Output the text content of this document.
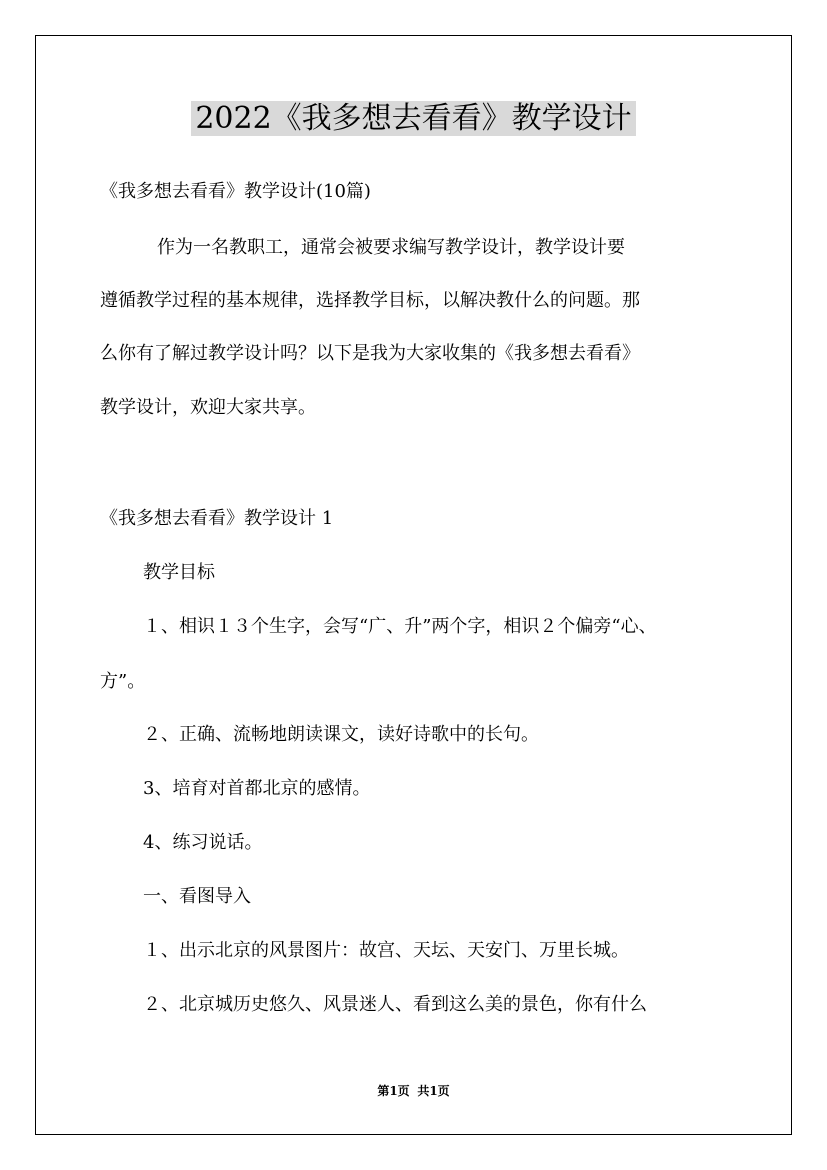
2022《我多想去看看》教学设计

《我多想去看看》教学设计(10篇)

作为一名教职工，通常会被要求编写教学设计，教学设计要

遵循教学过程的基本规律，选择教学目标，以解决教什么的问题。那

么你有了解过教学设计吗？以下是我为大家收集的《我多想去看看》

教学设计，欢迎大家共享。

《我多想去看看》教学设计 1

教学目标

１、相识１３个生字，会写“广、升”两个字，相识２个偏旁“心、

方”。

２、正确、流畅地朗读课文，读好诗歌中的长句。

3、培育对首都北京的感情。

4、练习说话。

一、看图导入

１、出示北京的风景图片：故宫、天坛、天安门、万里长城。

２、北京城历史悠久、风景迷人、看到这么美的景色，你有什么

第1页 共1页
